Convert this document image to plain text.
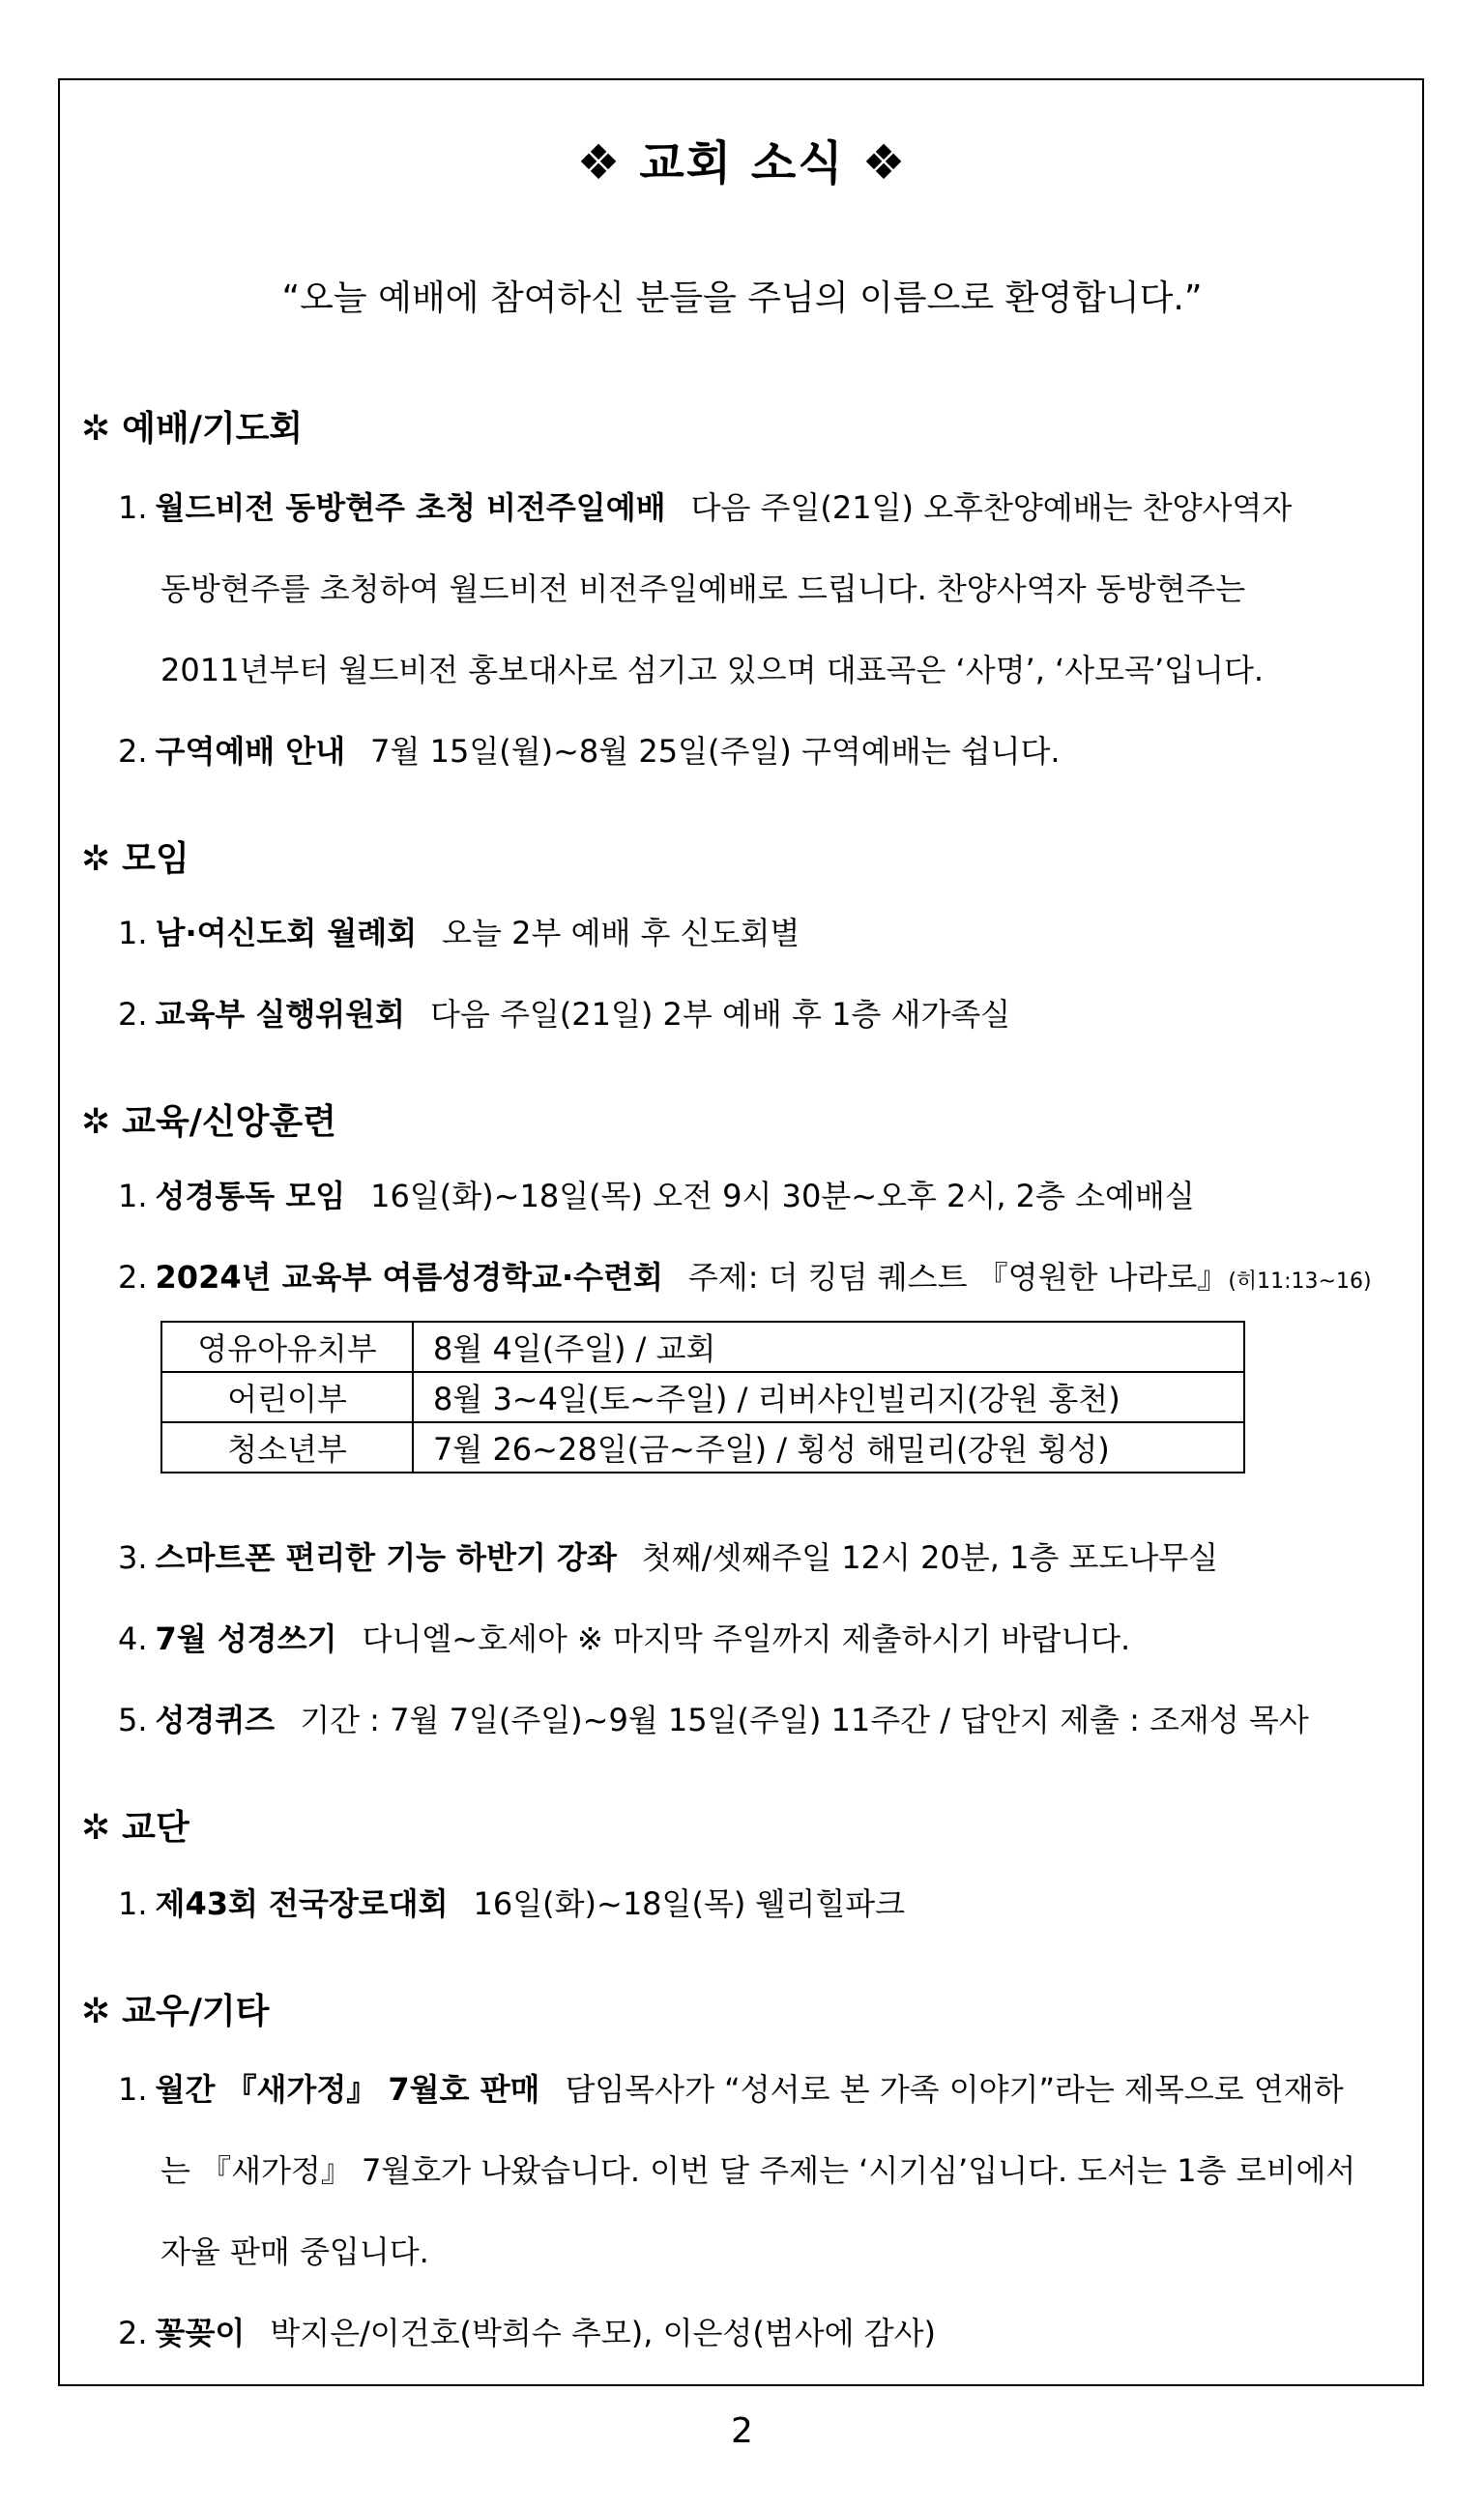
❖ 교회 소식 ❖
“오늘 예배에 참여하신 분들을 주님의 이름으로 환영합니다.”
✲ 예배/기도회
1. 월드비전 동방현주 초청 비전주일예배 다음 주일(21일) 오후찬양예배는 찬양사역자
동방현주를 초청하여 월드비전 비전주일예배로 드립니다. 찬양사역자 동방현주는
2011년부터 월드비전 홍보대사로 섬기고 있으며 대표곡은 ‘사명’, ‘사모곡’입니다.
2. 구역예배 안내 7월 15일(월)~8월 25일(주일) 구역예배는 쉽니다.
✲ 모임
1. 남·여신도회 월례회 오늘 2부 예배 후 신도회별
2. 교육부 실행위원회 다음 주일(21일) 2부 예배 후 1층 새가족실
✲ 교육/신앙훈련
1. 성경통독 모임 16일(화)~18일(목) 오전 9시 30분~오후 2시, 2층 소예배실
2. 2024년 교육부 여름성경학교·수련회 주제: 더 킹덤 퀘스트 『영원한 나라로』(히11:13~16)
영유아유치부	8월 4일(주일) / 교회
어린이부	8월 3~4일(토~주일) / 리버샤인빌리지(강원 홍천)
청소년부	7월 26~28일(금~주일) / 횡성 해밀리(강원 횡성)
3. 스마트폰 편리한 기능 하반기 강좌 첫째/셋째주일 12시 20분, 1층 포도나무실
4. 7월 성경쓰기 다니엘~호세아 ※ 마지막 주일까지 제출하시기 바랍니다.
5. 성경퀴즈 기간 : 7월 7일(주일)~9월 15일(주일) 11주간 / 답안지 제출 : 조재성 목사
✲ 교단
1. 제43회 전국장로대회 16일(화)~18일(목) 웰리힐파크
✲ 교우/기타
1. 월간 『새가정』 7월호 판매 담임목사가 “성서로 본 가족 이야기”라는 제목으로 연재하
는 『새가정』 7월호가 나왔습니다. 이번 달 주제는 ‘시기심’입니다. 도서는 1층 로비에서
자율 판매 중입니다.
2. 꽃꽂이 박지은/이건호(박희수 추모), 이은성(범사에 감사)
2
